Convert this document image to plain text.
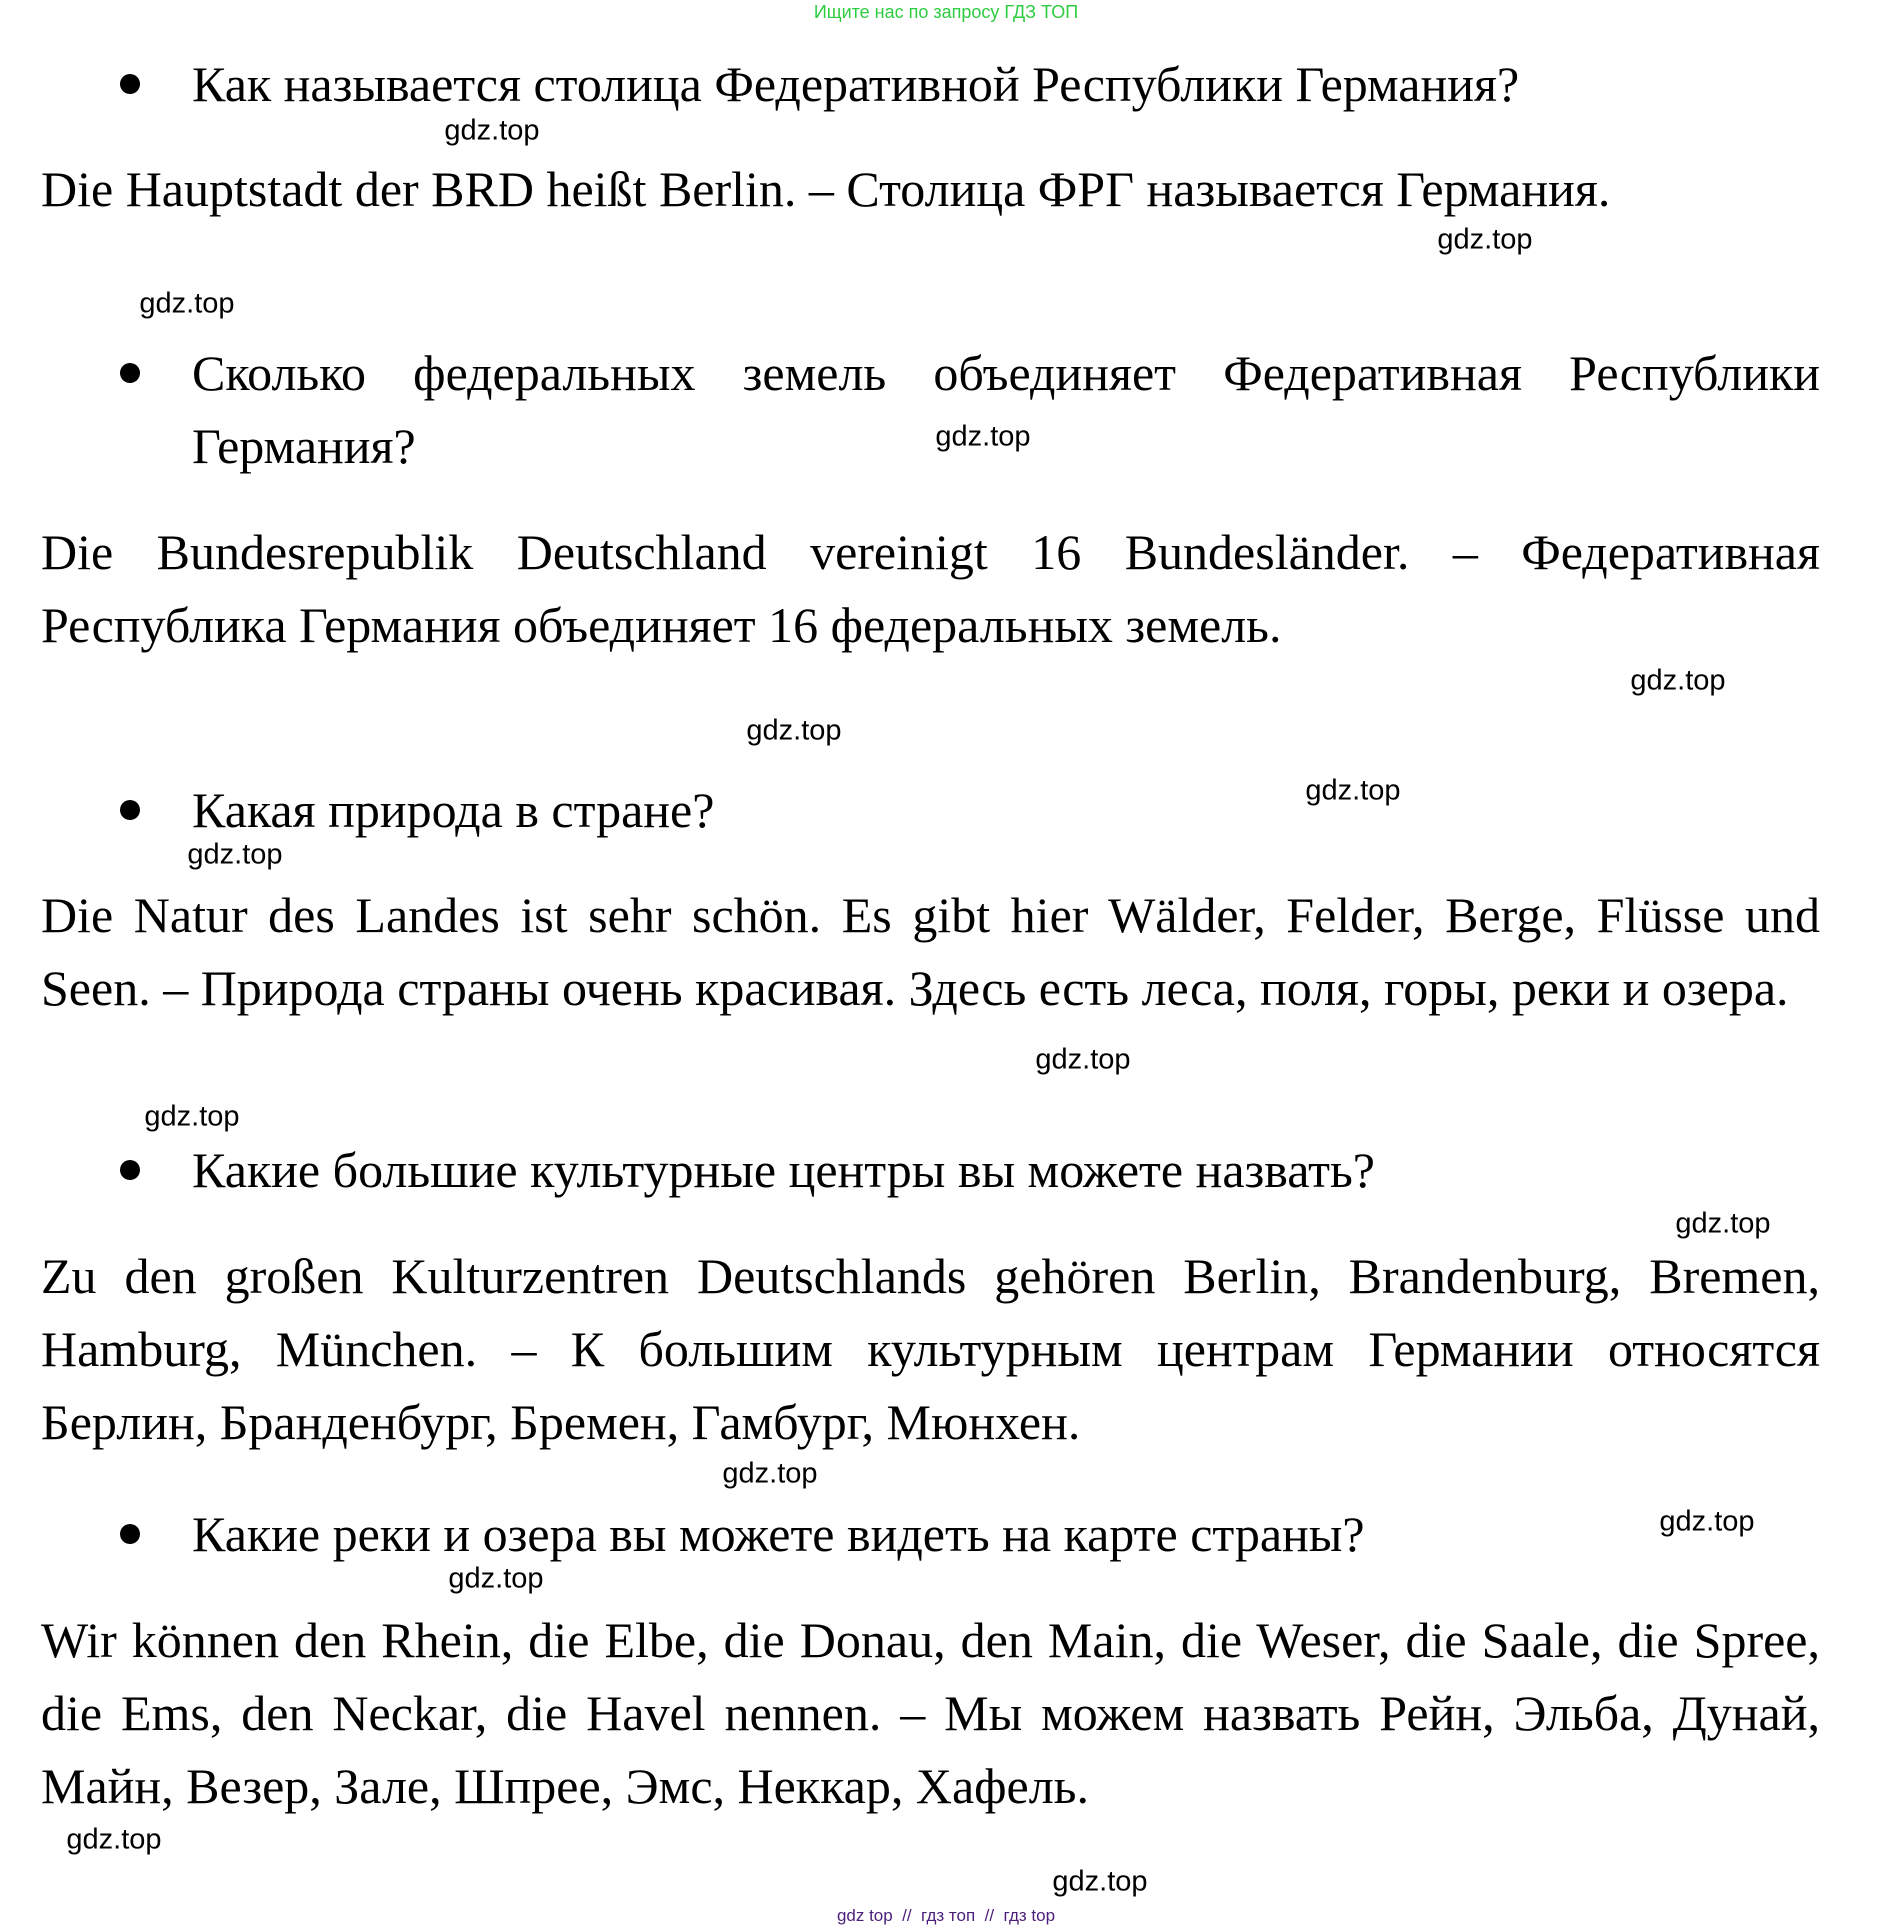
Ищите нас по запросу ГДЗ ТОП
Как называется столица Федеративной Республики Германия?
Die Hauptstadt der BRD heißt Berlin. – Столица ФРГ называется Германия.
Сколько федеральных земель объединяет Федеративная Республики Германия?
Die Bundesrepublik Deutschland vereinigt 16 Bundesländer. – Федеративная Республика Германия объединяет 16 федеральных земель.
Какая природа в стране?
Die Natur des Landes ist sehr schön. Es gibt hier Wälder, Felder, Berge, Flüsse und Seen. – Природа страны очень красивая. Здесь есть леса, поля, горы, реки и озера.
Какие большие культурные центры вы можете назвать?
Zu den großen Kulturzentren Deutschlands gehören Berlin, Brandenburg, Bremen, Hamburg, München. – К большим культурным центрам Германии относятся Берлин, Бранденбург, Бремен, Гамбург, Мюнхен.
Какие реки и озера вы можете видеть на карте страны?
Wir können den Rhein, die Elbe, die Donau, den Main, die Weser, die Saale, die Spree, die Ems, den Neckar, die Havel nennen. – Мы можем назвать Рейн, Эльба, Дунай, Майн, Везер, Зале, Шпрее, Эмс, Неккар, Хафель.
gdz.top
gdz.top
gdz.top
gdz.top
gdz.top
gdz.top
gdz.top
gdz.top
gdz.top
gdz.top
gdz.top
gdz.top
gdz.top
gdz.top
gdz.top
gdz.top
gdz top  //  гдз топ  //  гдз top
